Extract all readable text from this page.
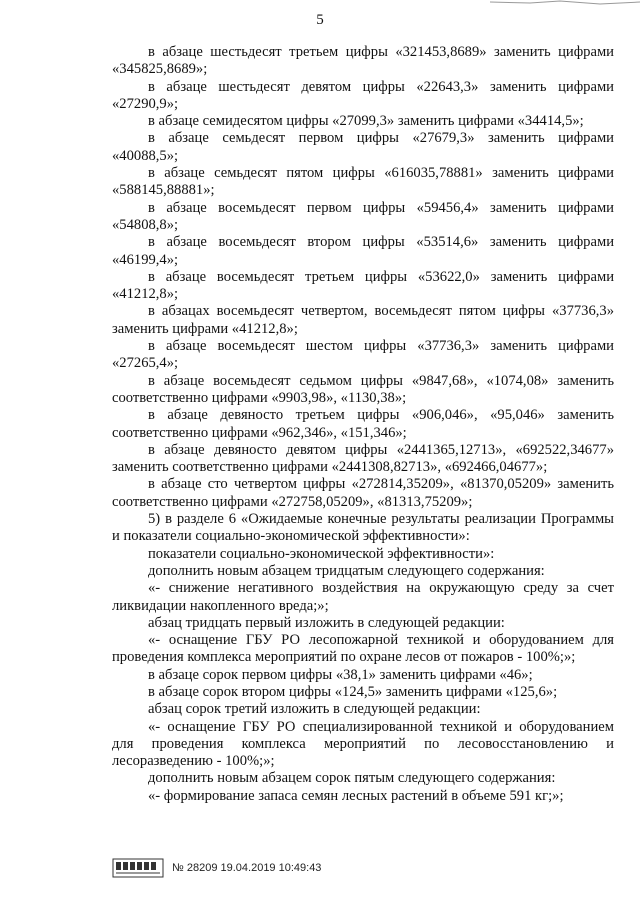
5

в абзаце шестьдесят третьем цифры «321453,8689» заменить цифрами «345825,8689»;

в абзаце шестьдесят девятом цифры «22643,3» заменить цифрами «27290,9»;

в абзаце семидесятом цифры «27099,3» заменить цифрами «34414,5»;

в абзаце семьдесят первом цифры «27679,3» заменить цифрами «40088,5»;

в абзаце семьдесят пятом цифры «616035,78881» заменить цифрами «588145,88881»;

в абзаце восемьдесят первом цифры «59456,4» заменить цифрами «54808,8»;

в абзаце восемьдесят втором цифры «53514,6» заменить цифрами «46199,4»;

в абзаце восемьдесят третьем цифры «53622,0» заменить цифрами «41212,8»;

в абзацах восемьдесят четвертом, восемьдесят пятом цифры «37736,3» заменить цифрами «41212,8»;

в абзаце восемьдесят шестом цифры «37736,3» заменить цифрами «27265,4»;

в абзаце восемьдесят седьмом цифры «9847,68», «1074,08» заменить соответственно цифрами «9903,98», «1130,38»;

в абзаце девяносто третьем цифры «906,046», «95,046» заменить соответственно цифрами «962,346», «151,346»;

в абзаце девяносто девятом цифры «2441365,12713», «692522,34677» заменить соответственно цифрами «2441308,82713», «692466,04677»;

в абзаце сто четвертом цифры «272814,35209», «81370,05209» заменить соответственно цифрами «272758,05209», «81313,75209»;

5) в разделе 6 «Ожидаемые конечные результаты реализации Программы и показатели социально-экономической эффективности»:

показатели социально-экономической эффективности»:

дополнить новым абзацем тридцатым следующего содержания:

«- снижение негативного воздействия на окружающую среду за счет ликвидации накопленного вреда;»;

абзац тридцать первый изложить в следующей редакции:

«- оснащение ГБУ РО лесопожарной техникой и оборудованием для проведения комплекса мероприятий по охране лесов от пожаров - 100%;»;

в абзаце сорок первом цифры «38,1» заменить цифрами «46»;

в абзаце сорок втором цифры «124,5» заменить цифрами «125,6»;

абзац сорок третий изложить в следующей редакции:

«- оснащение ГБУ РО специализированной техникой и оборудованием для проведения комплекса мероприятий по лесовосстановлению и лесоразведению - 100%;»;

дополнить новым абзацем сорок пятым следующего содержания:

«- формирование запаса семян лесных растений в объеме 591 кг;»;

№ 28209 19.04.2019 10:49:43
